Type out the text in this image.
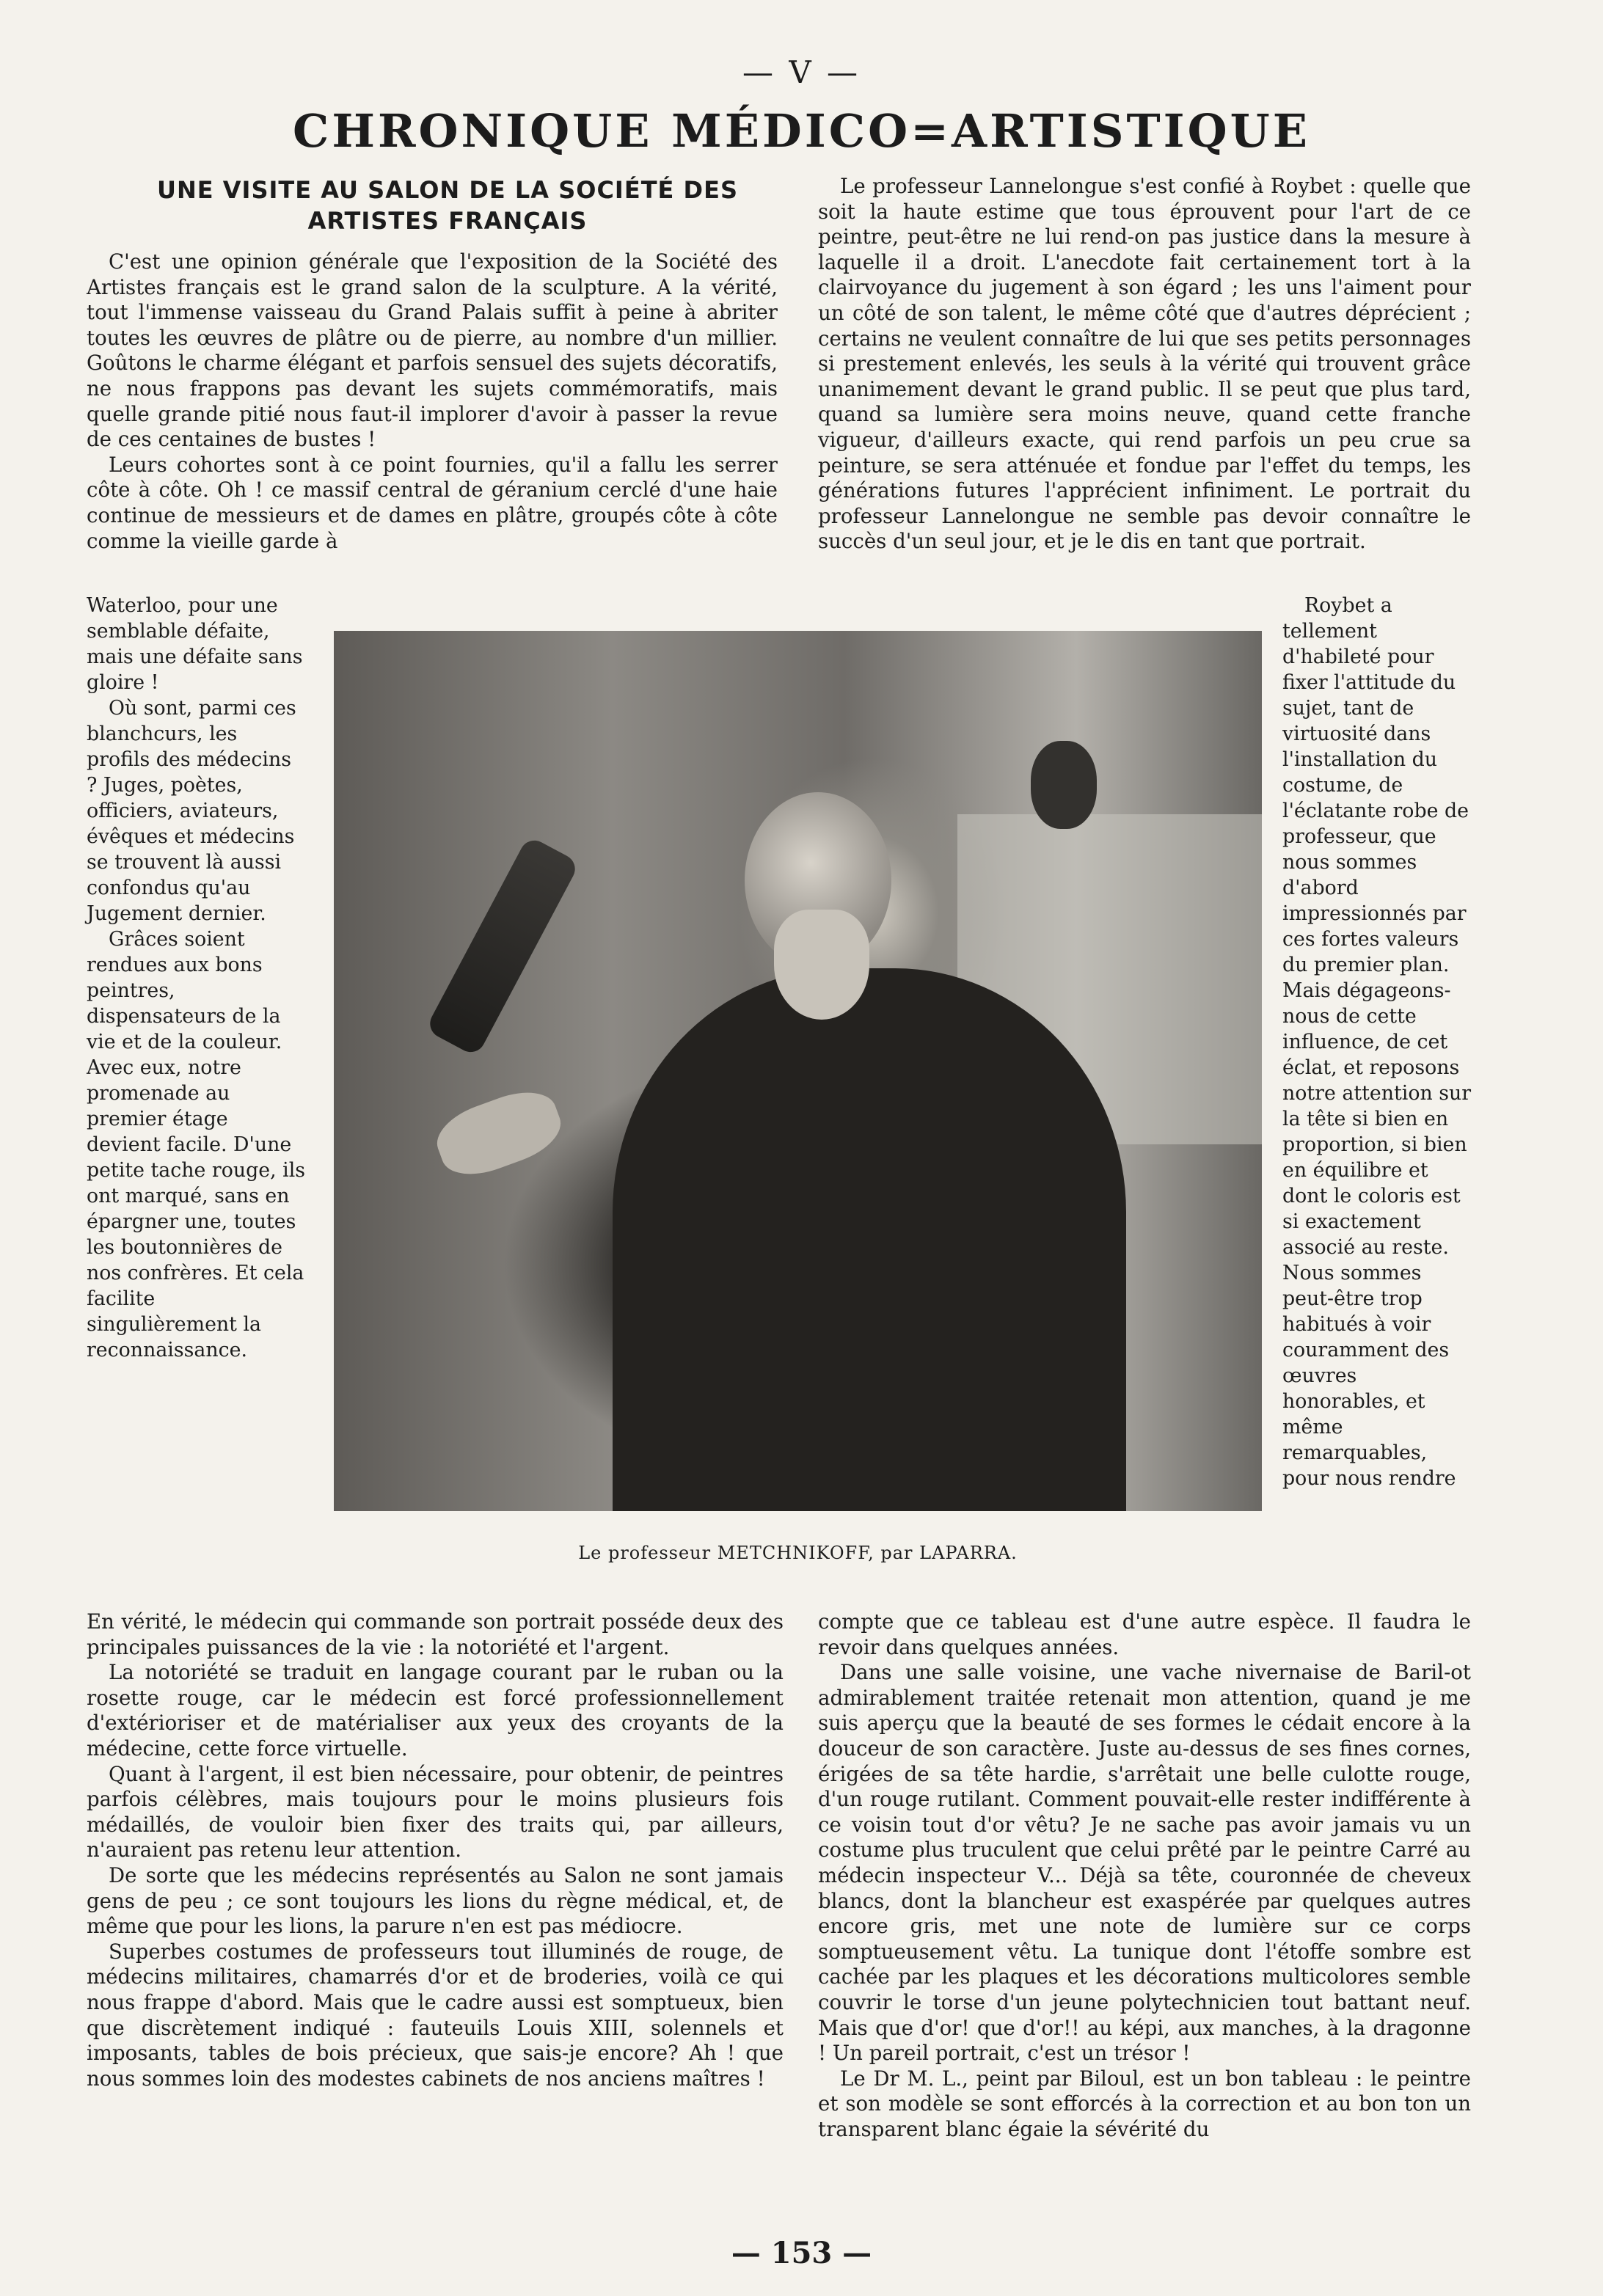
— V —
CHRONIQUE MÉDICO=ARTISTIQUE
UNE VISITE AU SALON DE LA SOCIÉTÉ DES ARTISTES FRANÇAIS

C'est une opinion générale que l'exposition de la Société des Artistes français est le grand salon de la sculpture. A la vérité, tout l'immense vaisseau du Grand Palais suffit à peine à abriter toutes les œuvres de plâtre ou de pierre, au nombre d'un millier. Goûtons le charme élégant et parfois sensuel des sujets décoratifs, ne nous frappons pas devant les sujets commémoratifs, mais quelle grande pitié nous faut-il implorer d'avoir à passer la revue de ces centaines de bustes !

Leurs cohortes sont à ce point fournies, qu'il a fallu les serrer côte à côte. Oh ! ce massif central de géranium cerclé d'une haie continue de messieurs et de dames en plâtre, groupés côte à côte comme la vieille garde à

Waterloo, pour une semblable défaite, mais une défaite sans gloire !

Où sont, parmi ces blanchcurs, les profils des médecins ? Juges, poètes, officiers, aviateurs, évêques et médecins se trouvent là aussi confondus qu'au Jugement dernier.

Grâces soient rendues aux bons peintres, dispensateurs de la vie et de la couleur. Avec eux, notre promenade au premier étage devient facile. D'une petite tache rouge, ils ont marqué, sans en épargner une, toutes les boutonnières de nos confrères. Et cela facilite singulièrement la reconnaissance.

Le professeur METCHNIKOFF, par LAPARRA.

En vérité, le médecin qui commande son portrait posséde deux des principales puissances de la vie : la notoriété et l'argent.

La notoriété se traduit en langage courant par le ruban ou la rosette rouge, car le médecin est forcé professionnellement d'extérioriser et de matérialiser aux yeux des croyants de la médecine, cette force virtuelle.

Quant à l'argent, il est bien nécessaire, pour obtenir, de peintres parfois célèbres, mais toujours pour le moins plusieurs fois médaillés, de vouloir bien fixer des traits qui, par ailleurs, n'auraient pas retenu leur attention.

De sorte que les médecins représentés au Salon ne sont jamais gens de peu ; ce sont toujours les lions du règne médical, et, de même que pour les lions, la parure n'en est pas médiocre.

Superbes costumes de professeurs tout illuminés de rouge, de médecins militaires, chamarrés d'or et de broderies, voilà ce qui nous frappe d'abord. Mais que le cadre aussi est somptueux, bien que discrètement indiqué : fauteuils Louis XIII, solennels et imposants, tables de bois précieux, que sais-je encore? Ah ! que nous sommes loin des modestes cabinets de nos anciens maîtres !

Le professeur Lannelongue s'est confié à Roybet : quelle que soit la haute estime que tous éprouvent pour l'art de ce peintre, peut-être ne lui rend-on pas justice dans la mesure à laquelle il a droit. L'anecdote fait certainement tort à la clairvoyance du jugement à son égard ; les uns l'aiment pour un côté de son talent, le même côté que d'autres déprécient ; certains ne veulent connaître de lui que ses petits personnages si prestement enlevés, les seuls à la vérité qui trouvent grâce unanimement devant le grand public. Il se peut que plus tard, quand sa lumière sera moins neuve, quand cette franche vigueur, d'ailleurs exacte, qui rend parfois un peu crue sa peinture, se sera atténuée et fondue par l'effet du temps, les générations futures l'apprécient infiniment. Le portrait du professeur Lannelongue ne semble pas devoir connaître le succès d'un seul jour, et je le dis en tant que portrait.

Roybet a tellement d'habileté pour fixer l'attitude du sujet, tant de virtuosité dans l'installation du costume, de l'éclatante robe de professeur, que nous sommes d'abord impressionnés par ces fortes valeurs du premier plan. Mais dégageons-nous de cette influence, de cet éclat, et reposons notre attention sur la tête si bien en proportion, si bien en équilibre et dont le coloris est si exactement associé au reste. Nous sommes peut-être trop habitués à voir couramment des œuvres honorables, et même remarquables, pour nous rendre

compte que ce tableau est d'une autre espèce. Il faudra le revoir dans quelques années.

Dans une salle voisine, une vache nivernaise de Baril-ot admirablement traitée retenait mon attention, quand je me suis aperçu que la beauté de ses formes le cédait encore à la douceur de son caractère. Juste au-dessus de ses fines cornes, érigées de sa tête hardie, s'arrêtait une belle culotte rouge, d'un rouge rutilant. Comment pouvait-elle rester indifférente à ce voisin tout d'or vêtu? Je ne sache pas avoir jamais vu un costume plus truculent que celui prêté par le peintre Carré au médecin inspecteur V... Déjà sa tête, couronnée de cheveux blancs, dont la blancheur est exaspérée par quelques autres encore gris, met une note de lumière sur ce corps somptueusement vêtu. La tunique dont l'étoffe sombre est cachée par les plaques et les décorations multicolores semble couvrir le torse d'un jeune polytechnicien tout battant neuf. Mais que d'or! que d'or!! au képi, aux manches, à la dragonne ! Un pareil portrait, c'est un trésor !

Le Dr M. L., peint par Biloul, est un bon tableau : le peintre et son modèle se sont efforcés à la correction et au bon ton un transparent blanc égaie la sévérité du

— 153 —
